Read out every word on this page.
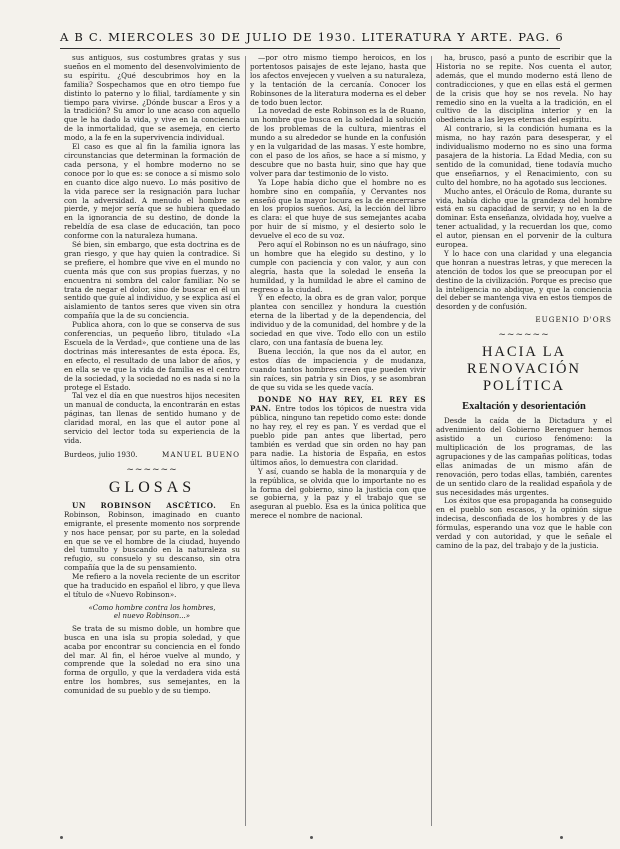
A B C. MIERCOLES 30 DE JULIO DE 1930. LITERATURA Y ARTE. PAG. 6

sus antiguos, sus costumbres gratas y sus sueños en el momento del desenvolvimiento de su espíritu. ¿Qué descubrimos hoy en la familia? Sospechamos que en otro tiempo fue distinto lo paterno y lo filial, tardíamente y sin tiempo para vivirse. ¿Dónde buscar a Eros y a la tradición? Su amor lo une acaso con aquello que le ha dado la vida, y vive en la conciencia de la inmortalidad, que se asemeja, en cierto modo, a la fe en la supervivencia individual.

El caso es que al fin la familia ignora las circunstancias que determinan la formación de cada persona, y el hombre moderno no se conoce por lo que es: se conoce a sí mismo solo en cuanto dice algo nuevo. Lo más positivo de la vida parece ser la resignación para luchar con la adversidad. A menudo el hombre se pierde, y mejor sería que se hubiera quedado en la ignorancia de su destino, de donde la rebeldía de esa clase de educación, tan poco conforme con la naturaleza humana.

Sé bien, sin embargo, que esta doctrina es de gran riesgo, y que hay quien la contradice. Si se prefiere, el hombre que vive en el mundo no cuenta más que con sus propias fuerzas, y no encuentra ni sombra del calor familiar. No se trata de negar el dolor, sino de buscar en él un sentido que guíe al individuo, y se explica así el aislamiento de tantos seres que viven sin otra compañía que la de su conciencia.

Publica ahora, con lo que se conserva de sus conferencias, un pequeño libro, titulado «La Escuela de la Verdad», que contiene una de las doctrinas más interesantes de esta época. Es, en efecto, el resultado de una labor de años, y en ella se ve que la vida de familia es el centro de la sociedad, y la sociedad no es nada si no la protege el Estado.

Tal vez el día en que nuestros hijos necesiten un manual de conducta, la encontrarán en estas páginas, tan llenas de sentido humano y de claridad moral, en las que el autor pone al servicio del lector toda su experiencia de la vida.

Burdeos, julio 1930.	MANUEL BUENO
~~~~~~
GLOSAS

UN ROBINSON ASCÉTICO. En Robinson, Robinson, imaginado en cuanto emigrante, el presente momento nos sorprende y nos hace pensar, por su parte, en la soledad en que se ve el hombre de la ciudad, huyendo del tumulto y buscando en la naturaleza su refugio, su consuelo y su descanso, sin otra compañía que la de su pensamiento.

Me refiero a la novela reciente de un escritor que ha traducido en español el libro, y que lleva el título de «Nuevo Robinson».

«Como hombre contra los hombres,
el nuevo Robinson...»

Se trata de su mismo doble, un hombre que busca en una isla su propia soledad, y que acaba por encontrar su conciencia en el fondo del mar. Al fin, el héroe vuelve al mundo, y comprende que la soledad no era sino una forma de orgullo, y que la verdadera vida está entre los hombres, sus semejantes, en la comunidad de su pueblo y de su tiempo.

—por otro mismo tiempo heroicos, en los portentosos paisajes de este lejano, hasta que los afectos envejecen y vuelven a su naturaleza, y la tentación de la cercanía. Conocer los Robinsones de la literatura moderna es el deber de todo buen lector.

La novedad de este Robinson es la de Ruano, un hombre que busca en la soledad la solución de los problemas de la cultura, mientras el mundo a su alrededor se hunde en la confusión y en la vulgaridad de las masas. Y este hombre, con el paso de los años, se hace a sí mismo, y descubre que no basta huir, sino que hay que volver para dar testimonio de lo visto.

Ya Lope había dicho que el hombre no es hombre sino en compañía, y Cervantes nos enseñó que la mayor locura es la de encerrarse en los propios sueños. Así, la lección del libro es clara: el que huye de sus semejantes acaba por huir de sí mismo, y el desierto solo le devuelve el eco de su voz.

Pero aquí el Robinson no es un náufrago, sino un hombre que ha elegido su destino, y lo cumple con paciencia y con valor, y aun con alegría, hasta que la soledad le enseña la humildad, y la humildad le abre el camino de regreso a la ciudad.

Y en efecto, la obra es de gran valor, porque plantea con sencillez y hondura la cuestión eterna de la libertad y de la dependencia, del individuo y de la comunidad, del hombre y de la sociedad en que vive. Todo ello con un estilo claro, con una fantasía de buena ley.

Buena lección, la que nos da el autor, en estos días de impaciencia y de mudanza, cuando tantos hombres creen que pueden vivir sin raíces, sin patria y sin Dios, y se asombran de que su vida se les quede vacía.

DONDE NO HAY REY, EL REY ES PAN. Entre todos los tópicos de nuestra vida pública, ninguno tan repetido como este: donde no hay rey, el rey es pan. Y es verdad que el pueblo pide pan antes que libertad, pero también es verdad que sin orden no hay pan para nadie. La historia de España, en estos últimos años, lo demuestra con claridad.

Y así, cuando se habla de la monarquía y de la república, se olvida que lo importante no es la forma del gobierno, sino la justicia con que se gobierna, y la paz y el trabajo que se aseguran al pueblo. Esa es la única política que merece el nombre de nacional.

ha, brusco, pasó a punto de escribir que la Historia no se repite. Nos cuenta el autor, además, que el mundo moderno está lleno de contradicciones, y que en ellas está el germen de la crisis que hoy se nos revela. No hay remedio sino en la vuelta a la tradición, en el cultivo de la disciplina interior y en la obediencia a las leyes eternas del espíritu.

Al contrario, si la condición humana es la misma, no hay razón para desesperar, y el individualismo moderno no es sino una forma pasajera de la historia. La Edad Media, con su sentido de la comunidad, tiene todavía mucho que enseñarnos, y el Renacimiento, con su culto del hombre, no ha agotado sus lecciones.

Mucho antes, el Oráculo de Roma, durante su vida, había dicho que la grandeza del hombre está en su capacidad de servir, y no en la de dominar. Esta enseñanza, olvidada hoy, vuelve a tener actualidad, y la recuerdan los que, como el autor, piensan en el porvenir de la cultura europea.

Y lo hace con una claridad y una elegancia que honran a nuestras letras, y que merecen la atención de todos los que se preocupan por el destino de la civilización. Porque es preciso que la inteligencia no abdique, y que la conciencia del deber se mantenga viva en estos tiempos de desorden y de confusión.

EUGENIO D'ORS
~~~~~~
HACIA LA RENOVACIÓN POLÍTICA
Exaltación y desorientación

Desde la caída de la Dictadura y el advenimiento del Gobierno Berenguer hemos asistido a un curioso fenómeno: la multiplicación de los programas, de las agrupaciones y de las campañas políticas, todas ellas animadas de un mismo afán de renovación, pero todas ellas, también, carentes de un sentido claro de la realidad española y de sus necesidades más urgentes.

Los éxitos que esa propaganda ha conseguido en el pueblo son escasos, y la opinión sigue indecisa, desconfiada de los hombres y de las fórmulas, esperando una voz que le hable con verdad y con autoridad, y que le señale el camino de la paz, del trabajo y de la justicia.
